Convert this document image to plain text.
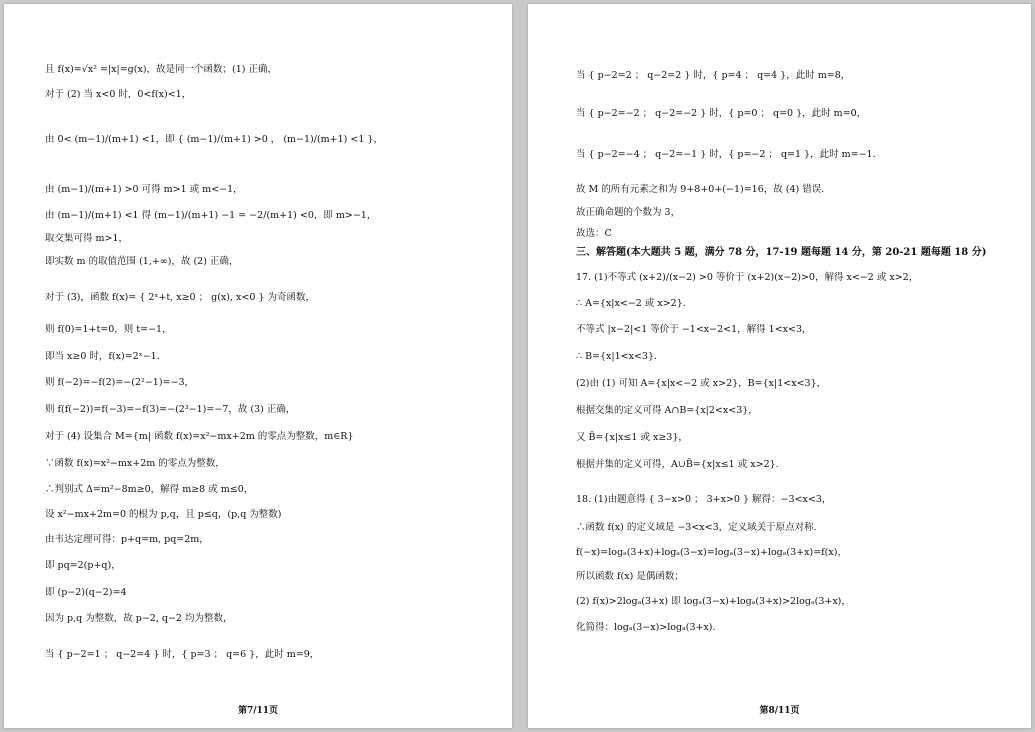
且 f(x)=√x² =|x|=g(x)，故是同一个函数；(1) 正确，
对于 (2) 当 x<0 时，0<f(x)<1，
由 0< (m−1)/(m+1) <1，即 { (m−1)/(m+1) >0 ， (m−1)/(m+1) <1 }，
由 (m−1)/(m+1) >0 可得 m>1 或 m<−1，
由 (m−1)/(m+1) <1 得 (m−1)/(m+1) −1 = −2/(m+1) <0，即 m>−1，
取交集可得 m>1，
即实数 m 的取值范围 (1,+∞)，故 (2) 正确，
对于 (3)，函数 f(x)= { 2ˣ+t, x≥0 ； g(x), x<0 } 为奇函数，
则 f(0)=1+t=0，则 t=−1，
即当 x≥0 时，f(x)=2ˣ−1.
则 f(−2)=−f(2)=−(2²−1)=−3，
则 f(f(−2))=f(−3)=−f(3)=−(2³−1)=−7，故 (3) 正确，
对于 (4) 设集合 M={m| 函数 f(x)=x²−mx+2m 的零点为整数，m∈R}
∵函数 f(x)=x²−mx+2m 的零点为整数，
∴判别式 Δ=m²−8m≥0，解得 m≥8 或 m≤0，
设 x²−mx+2m=0 的根为 p,q，且 p≤q，(p,q 为整数)
由韦达定理可得：p+q=m, pq=2m，
即 pq=2(p+q)，
即 (p−2)(q−2)=4
因为 p,q 为整数，故 p−2, q−2 均为整数，
当 { p−2=1 ； q−2=4 } 时，{ p=3 ； q=6 }，此时 m=9，
第7/11页
当 { p−2=2 ； q−2=2 } 时，{ p=4 ； q=4 }，此时 m=8，
当 { p−2=−2 ； q−2=−2 } 时，{ p=0 ； q=0 }，此时 m=0，
当 { p−2=−4 ； q−2=−1 } 时，{ p=−2 ； q=1 }，此时 m=−1.
故 M 的所有元素之和为 9+8+0+(−1)=16，故 (4) 错误.
故正确命题的个数为 3，
故选：C
三、解答题(本大题共 5 题，满分 78 分，17-19 题每题 14 分，第 20-21 题每题 18 分)
17. (1)不等式 (x+2)/(x−2) >0 等价于 (x+2)(x−2)>0，解得 x<−2 或 x>2，
∴ A={x|x<−2 或 x>2}.
不等式 |x−2|<1 等价于 −1<x−2<1，解得 1<x<3，
∴ B={x|1<x<3}.
(2)由 (1) 可知 A={x|x<−2 或 x>2}，B={x|1<x<3}，
根据交集的定义可得 A∩B={x|2<x<3}，
又 B̄={x|x≤1 或 x≥3}，
根据并集的定义可得，A∪B̄={x|x≤1 或 x>2}.
18. (1)由题意得 { 3−x>0 ； 3+x>0 } 解得：−3<x<3，
∴函数 f(x) 的定义域是 −3<x<3，定义域关于原点对称.
f(−x)=logₐ(3+x)+logₐ(3−x)=logₐ(3−x)+logₐ(3+x)=f(x)，
所以函数 f(x) 是偶函数；
(2) f(x)>2logₐ(3+x) 即 logₐ(3−x)+logₐ(3+x)>2logₐ(3+x)，
化简得：logₐ(3−x)>logₐ(3+x).
第8/11页
